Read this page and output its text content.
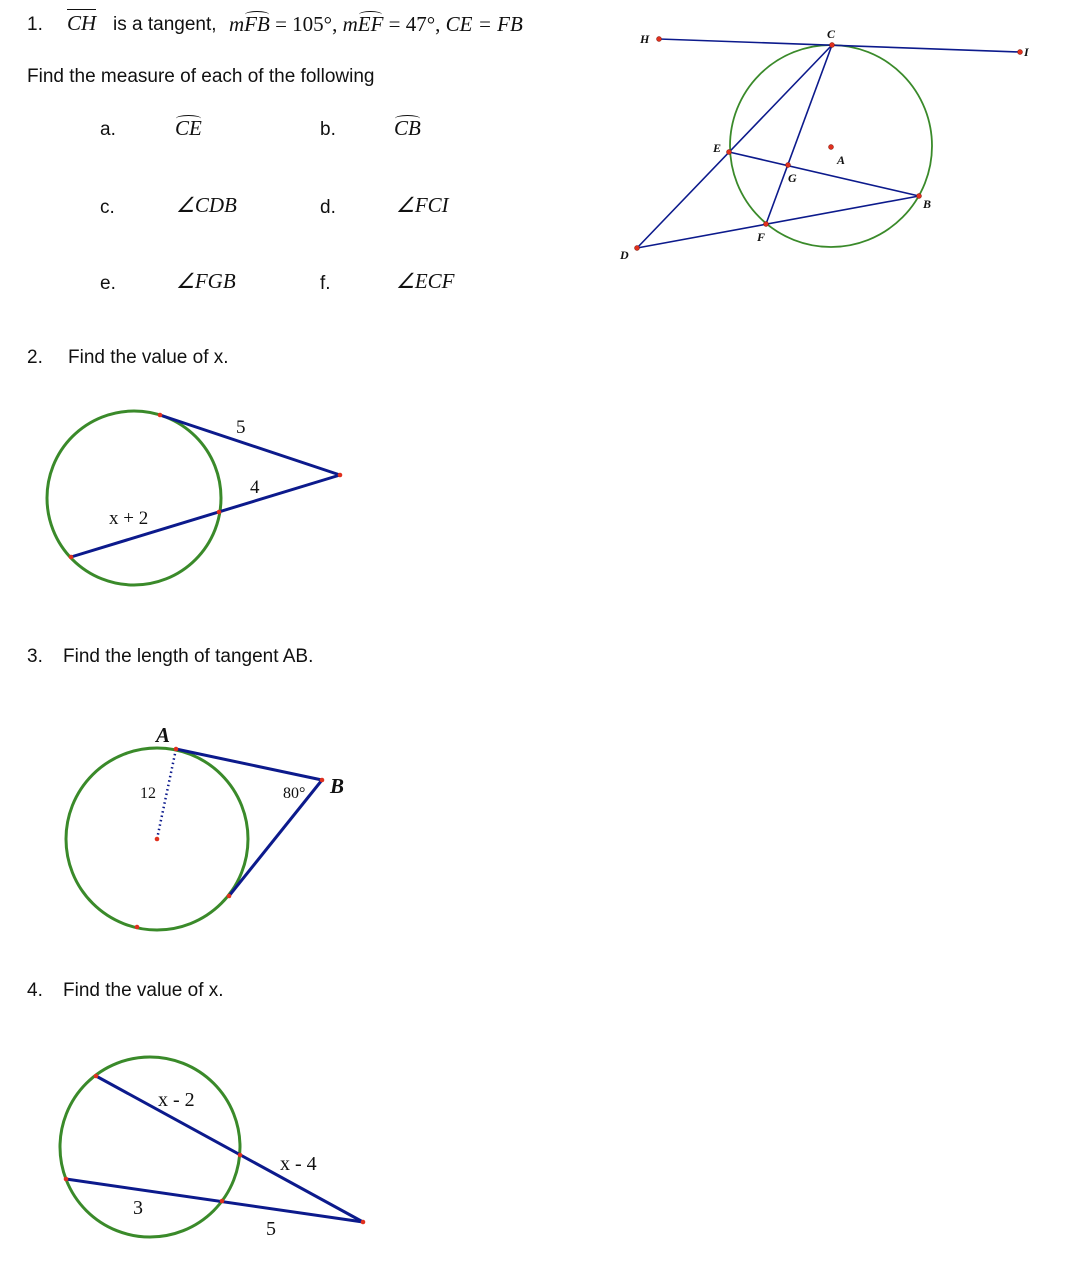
1. CH is a tangent, mFB = 105°, mEF = 47°, CE = FB
Find the measure of each of the following
a.	CE	b.	CB
c.	∠CDB	d.	∠FCI
e.	∠FGB	f.	∠ECF
2. Find the value of x.
3. Find the length of tangent AB.
4. Find the value of x.
H	C
I
E
A
G
B
F
D
5
4
x + 2
A
B
12	80°
x - 2
x - 4
3
5
